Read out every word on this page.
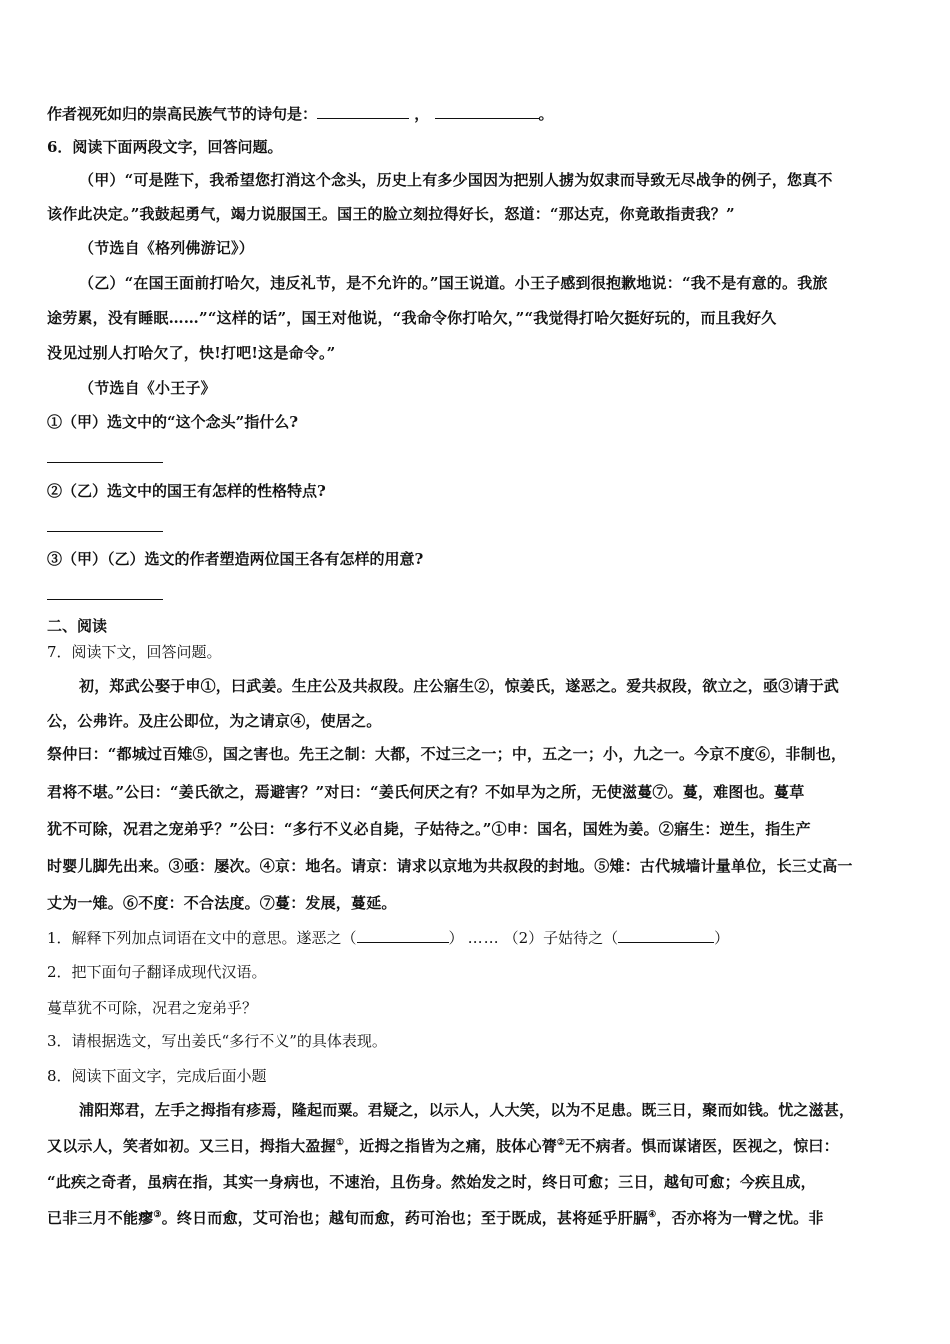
作者视死如归的崇高民族气节的诗句是：	，	。
6．阅读下面两段文字，回答问题。
（甲）“可是陛下，我希望您打消这个念头，历史上有多少国因为把别人掳为奴隶而导致无尽战争的例子，您真不
该作此决定。”我鼓起勇气，竭力说服国王。国王的脸立刻拉得好长，怒道：“那达克，你竟敢指责我？”
（节选自《格列佛游记》）
（乙）“在国王面前打哈欠，违反礼节，是不允许的。”国王说道。小王子感到很抱歉地说：“我不是有意的。我旅
途劳累，没有睡眠……”“这样的话”，国王对他说，“我命令你打哈欠，”“我觉得打哈欠挺好玩的，而且我好久
没见过别人打哈欠了，快!打吧!这是命令。”
（节选自《小王子》
①（甲）选文中的“这个念头”指什么?
②（乙）选文中的国王有怎样的性格特点?
③（甲）（乙）选文的作者塑造两位国王各有怎样的用意?
二、阅读
7．阅读下文，回答问题。
初，郑武公娶于申①，曰武姜。生庄公及共叔段。庄公寤生②，惊姜氏，遂恶之。爱共叔段，欲立之，亟③请于武
公，公弗许。及庄公即位，为之请京④，使居之。
祭仲曰：“都城过百雉⑤，国之害也。先王之制：大都，不过三之一；中，五之一；小，九之一。今京不度⑥，非制也，
君将不堪。”公曰：“姜氏欲之，焉避害？”对曰：“姜氏何厌之有？不如早为之所，无使滋蔓⑦。蔓，难图也。蔓草
犹不可除，况君之宠弟乎？”公曰：“多行不义必自毙，子姑待之。”①申：国名，国姓为姜。②寤生：逆生，指生产
时婴儿脚先出来。③亟：屡次。④京：地名。请京：请求以京地为共叔段的封地。⑤雉：古代城墙计量单位，长三丈高一
丈为一雉。⑥不度：不合法度。⑦蔓：发展，蔓延。
1．解释下列加点词语在文中的意思。遂恶之（	） …… （2）子姑待之（	）
2．把下面句子翻译成现代汉语。
蔓草犹不可除，况君之宠弟乎？
3．请根据选文，写出姜氏“多行不义”的具体表现。
8．阅读下面文字，完成后面小题
浦阳郑君，左手之拇指有疹焉，隆起而粟。君疑之，以示人，人大笑，以为不足患。既三日，聚而如钱。忧之滋甚，
又以示人，笑者如初。又三日，拇指大盈握①，近拇之指皆为之痛，肢体心膂②无不病者。惧而谋诸医，医视之，惊曰：
“此疾之奇者，虽病在指，其实一身病也，不速治，且伤身。然始发之时，终日可愈；三日，越旬可愈；今疾且成，
已非三月不能瘳③。终日而愈，艾可治也；越旬而愈，药可治也；至于既成，甚将延乎肝膈④，否亦将为一臂之忧。非
